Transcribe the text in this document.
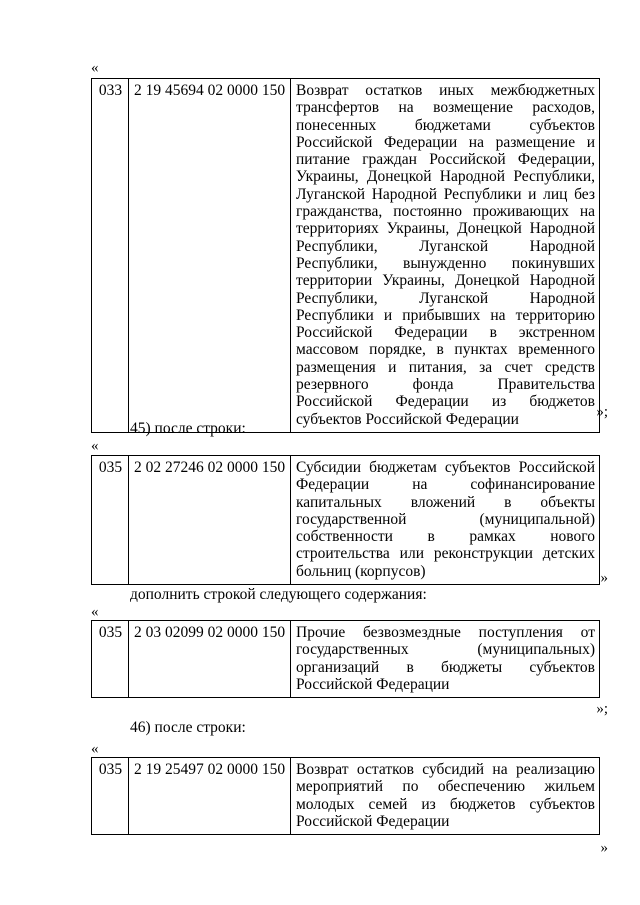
«
033	2 19 45694 02 0000 150	Возврат остатков иных межбюджетных трансфертов на возмещение расходов, понесенных бюджетами субъектов Российской Федерации на размещение и питание граждан Российской Федерации, Украины, Донецкой Народной Республики, Луганской Народной Республики и лиц без гражданства, постоянно проживающих на территориях Украины, Донецкой Народной Республики, Луганской Народной Республики, вынужденно покинувших территории Украины, Донецкой Народной Республики, Луганской Народной Республики и прибывших на территорию Российской Федерации в экстренном массовом порядке, в пунктах временного размещения и питания, за счет средств резервного фонда Правительства Российской Федерации из бюджетов субъектов Российской Федерации	»;
45) после строки:
«
035	2 02 27246 02 0000 150	Субсидии бюджетам субъектов Российской Федерации на софинансирование капитальных вложений в объекты государственной (муниципальной) собственности в рамках нового строительства или реконструкции детских больниц (корпусов)	»
дополнить строкой следующего содержания:
«
035	2 03 02099 02 0000 150	Прочие безвозмездные поступления от государственных (муниципальных) организаций в бюджеты субъектов Российской Федерации
»;
46) после строки:
«
035	2 19 25497 02 0000 150	Возврат остатков субсидий на реализацию мероприятий по обеспечению жильем молодых семей из бюджетов субъектов Российской Федерации
»
